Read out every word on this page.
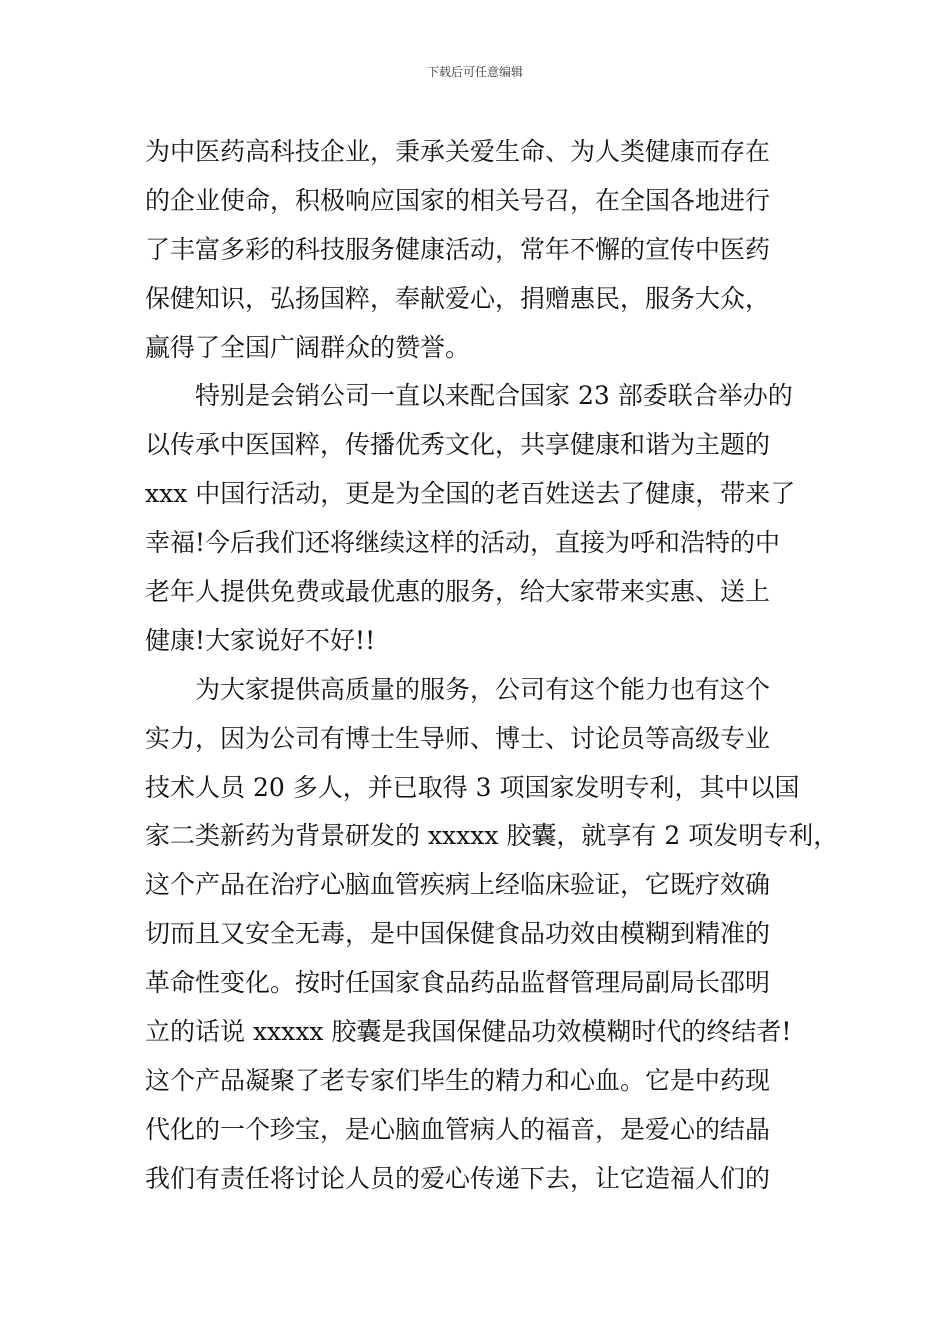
下载后可任意编辑
为中医药高科技企业，秉承关爱生命、为人类健康而存在
的企业使命，积极响应国家的相关号召，在全国各地进行
了丰富多彩的科技服务健康活动，常年不懈的宣传中医药
保健知识，弘扬国粹，奉献爱心，捐赠惠民，服务大众，
赢得了全国广阔群众的赞誉。
特别是会销公司一直以来配合国家 23 部委联合举办的
以传承中医国粹，传播优秀文化，共享健康和谐为主题的
xxx 中国行活动，更是为全国的老百姓送去了健康，带来了
幸福!今后我们还将继续这样的活动，直接为呼和浩特的中
老年人提供免费或最优惠的服务，给大家带来实惠、送上
健康!大家说好不好!!
为大家提供高质量的服务，公司有这个能力也有这个
实力，因为公司有博士生导师、博士、讨论员等高级专业
技术人员 20 多人，并已取得 3 项国家发明专利，其中以国
家二类新药为背景研发的 xxxxx 胶囊，就享有 2 项发明专利，
这个产品在治疗心脑血管疾病上经临床验证，它既疗效确
切而且又安全无毒，是中国保健食品功效由模糊到精准的
革命性变化。按时任国家食品药品监督管理局副局长邵明
立的话说 xxxxx 胶囊是我国保健品功效模糊时代的终结者!
这个产品凝聚了老专家们毕生的精力和心血。它是中药现
代化的一个珍宝，是心脑血管病人的福音，是爱心的结晶
我们有责任将讨论人员的爱心传递下去，让它造福人们的
